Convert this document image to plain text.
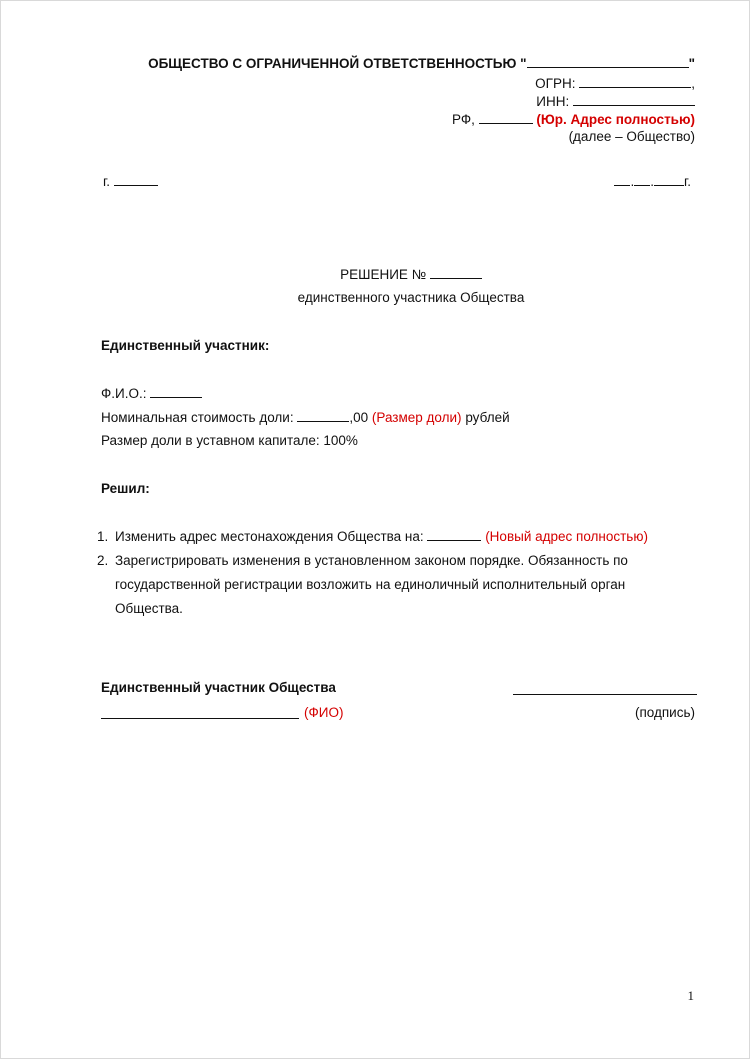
ОБЩЕСТВО С ОГРАНИЧЕННОЙ ОТВЕТСТВЕННОСТЬЮ "	"
ОГРН:	,
ИНН:
РФ,	(Юр. Адрес полностью)
(далее – Общество)
г.	. . г.
РЕШЕНИЕ №
единственного участника Общества
Единственный участник:
Ф.И.О.:
Номинальная стоимость доли:	,00 (Размер доли) рублей
Размер доли в уставном капитале: 100%
Решил:
1. Изменить адрес местонахождения Общества на:	(Новый адрес полностью)
2. Зарегистрировать изменения в установленном законом порядке. Обязанность по государственной регистрации возложить на единоличный исполнительный орган Общества.
Единственный участник Общества
(ФИО)	(подпись)
1
